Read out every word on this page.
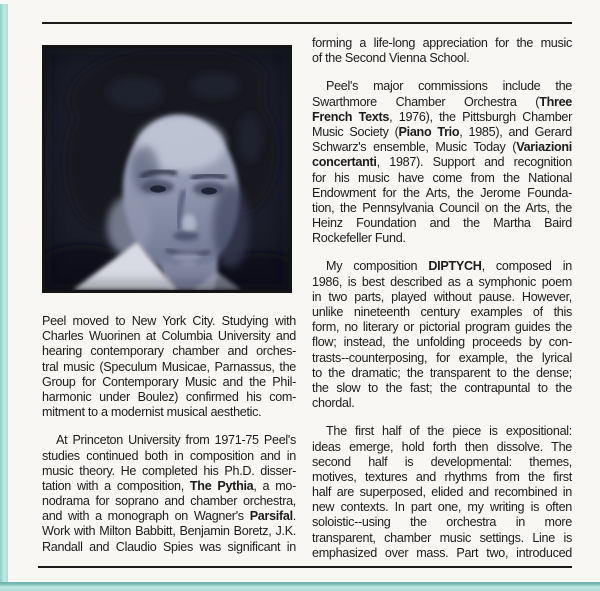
Peel moved to New York City. Studying with
Charles Wuorinen at Columbia University and
hearing contemporary chamber and orches-
tral music (Speculum Musicae, Parnassus, the
Group for Contemporary Music and the Phil-
harmonic under Boulez) confirmed his com-
mitment to a modernist musical aesthetic.
At Princeton University from 1971-75 Peel's
studies continued both in composition and in
music theory. He completed his Ph.D. disser-
tation with a composition, The Pythia, a mo-
nodrama for soprano and chamber orchestra,
and with a monograph on Wagner's Parsifal.
Work with Milton Babbitt, Benjamin Boretz, J.K.
Randall and Claudio Spies was significant in
forming a life-long appreciation for the music
of the Second Vienna School.
Peel's major commissions include the
Swarthmore Chamber Orchestra (Three
French Texts, 1976), the Pittsburgh Chamber
Music Society (Piano Trio, 1985), and Gerard
Schwarz's ensemble, Music Today (Variazioni
concertanti, 1987). Support and recognition
for his music have come from the National
Endowment for the Arts, the Jerome Founda-
tion, the Pennsylvania Council on the Arts, the
Heinz Foundation and the Martha Baird
Rockefeller Fund.
My composition DIPTYCH, composed in
1986, is best described as a symphonic poem
in two parts, played without pause. However,
unlike nineteenth century examples of this
form, no literary or pictorial program guides the
flow; instead, the unfolding proceeds by con-
trasts--counterposing, for example, the lyrical
to the dramatic; the transparent to the dense;
the slow to the fast; the contrapuntal to the
chordal.
The first half of the piece is expositional:
ideas emerge, hold forth then dissolve. The
second half is developmental: themes,
motives, textures and rhythms from the first
half are superposed, elided and recombined in
new contexts. In part one, my writing is often
soloistic--using the orchestra in more
transparent, chamber music settings. Line is
emphasized over mass. Part two, introduced
